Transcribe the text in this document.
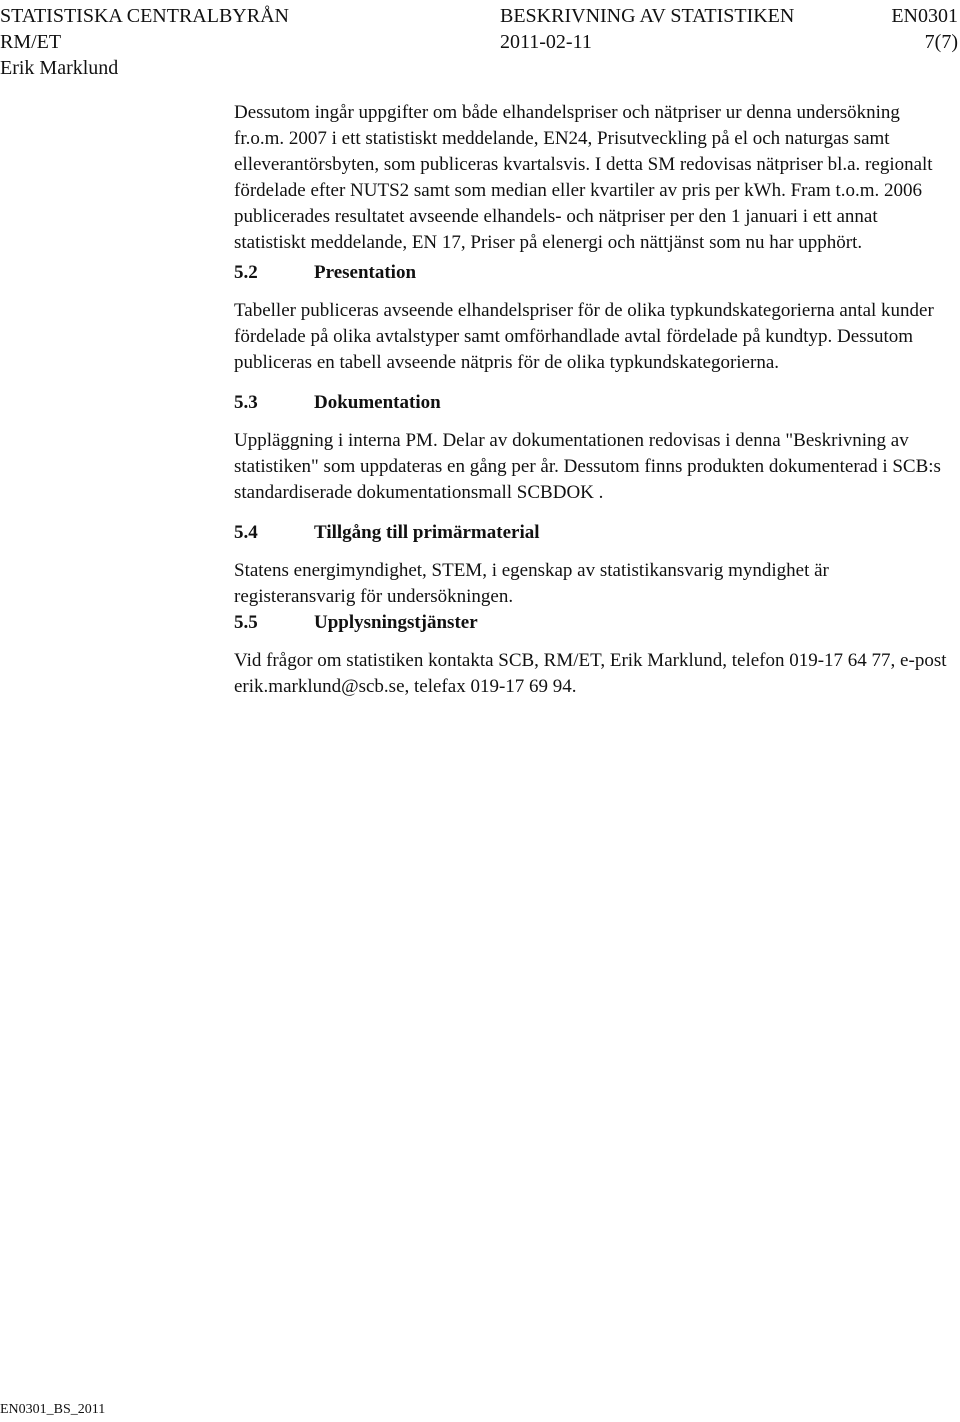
STATISTISKA CENTRALBYRÅN	BESKRIVNING AV STATISTIKEN	EN0301
RM/ET	2011-02-11	7(7)
Erik Marklund

Dessutom ingår uppgifter om både elhandelspriser och nätpriser ur denna undersökning fr.o.m. 2007 i ett statistiskt meddelande, EN24, Prisutveckling på el och naturgas samt elleverantörsbyten, som publiceras kvartalsvis. I detta SM redovisas nätpriser bl.a. regionalt fördelade efter NUTS2 samt som median eller kvartiler av pris per kWh. Fram t.o.m. 2006 publicerades resultatet avseende elhandels- och nätpriser per den 1 januari i ett annat statistiskt meddelande, EN 17, Priser på elenergi och nättjänst som nu har upphört.

5.2	Presentation

Tabeller publiceras avseende elhandelspriser för de olika typkundskategorierna antal kunder fördelade på olika avtalstyper samt omförhandlade avtal fördelade på kundtyp. Dessutom publiceras en tabell avseende nätpris för de olika typkundskategorierna.

5.3	Dokumentation

Uppläggning i interna PM. Delar av dokumentationen redovisas i denna "Beskrivning av statistiken" som uppdateras en gång per år. Dessutom finns produkten dokumenterad i SCB:s standardiserade dokumentationsmall SCBDOK .

5.4	Tillgång till primärmaterial

Statens energimyndighet, STEM, i egenskap av statistikansvarig myndighet är registeransvarig för undersökningen.

5.5	Upplysningstjänster

Vid frågor om statistiken kontakta SCB, RM/ET, Erik Marklund, telefon 019-17 64 77, e-post erik.marklund@scb.se, telefax 019-17 69 94.

EN0301_BS_2011
